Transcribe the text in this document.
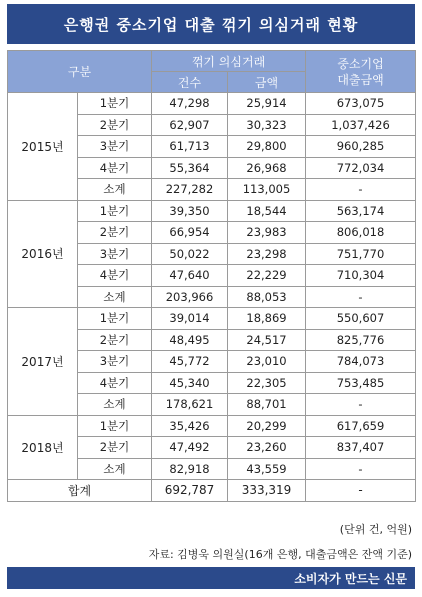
은행권 중소기업 대출 꺾기 의심거래 현황
구분		꺾기 의심거래		중소기업
대출금액
		건수	금액	
2015년	1분기	47,298	25,914	673,075
	2분기	62,907	30,323	1,037,426
	3분기	61,713	29,800	960,285
	4분기	55,364	26,968	772,034
	소계	227,282	113,005	-
2016년	1분기	39,350	18,544	563,174
	2분기	66,954	23,983	806,018
	3분기	50,022	23,298	751,770
	4분기	47,640	22,229	710,304
	소계	203,966	88,053	-
2017년	1분기	39,014	18,869	550,607
	2분기	48,495	24,517	825,776
	3분기	45,772	23,010	784,073
	4분기	45,340	22,305	753,485
	소계	178,621	88,701	-
2018년	1분기	35,426	20,299	617,659
	2분기	47,492	23,260	837,407
	소계	82,918	43,559	-
합계		692,787	333,319	-
(단위 건, 억원)
자료: 김병욱 의원실(16개 은행, 대출금액은 잔액 기준)
소비자가 만드는 신문
